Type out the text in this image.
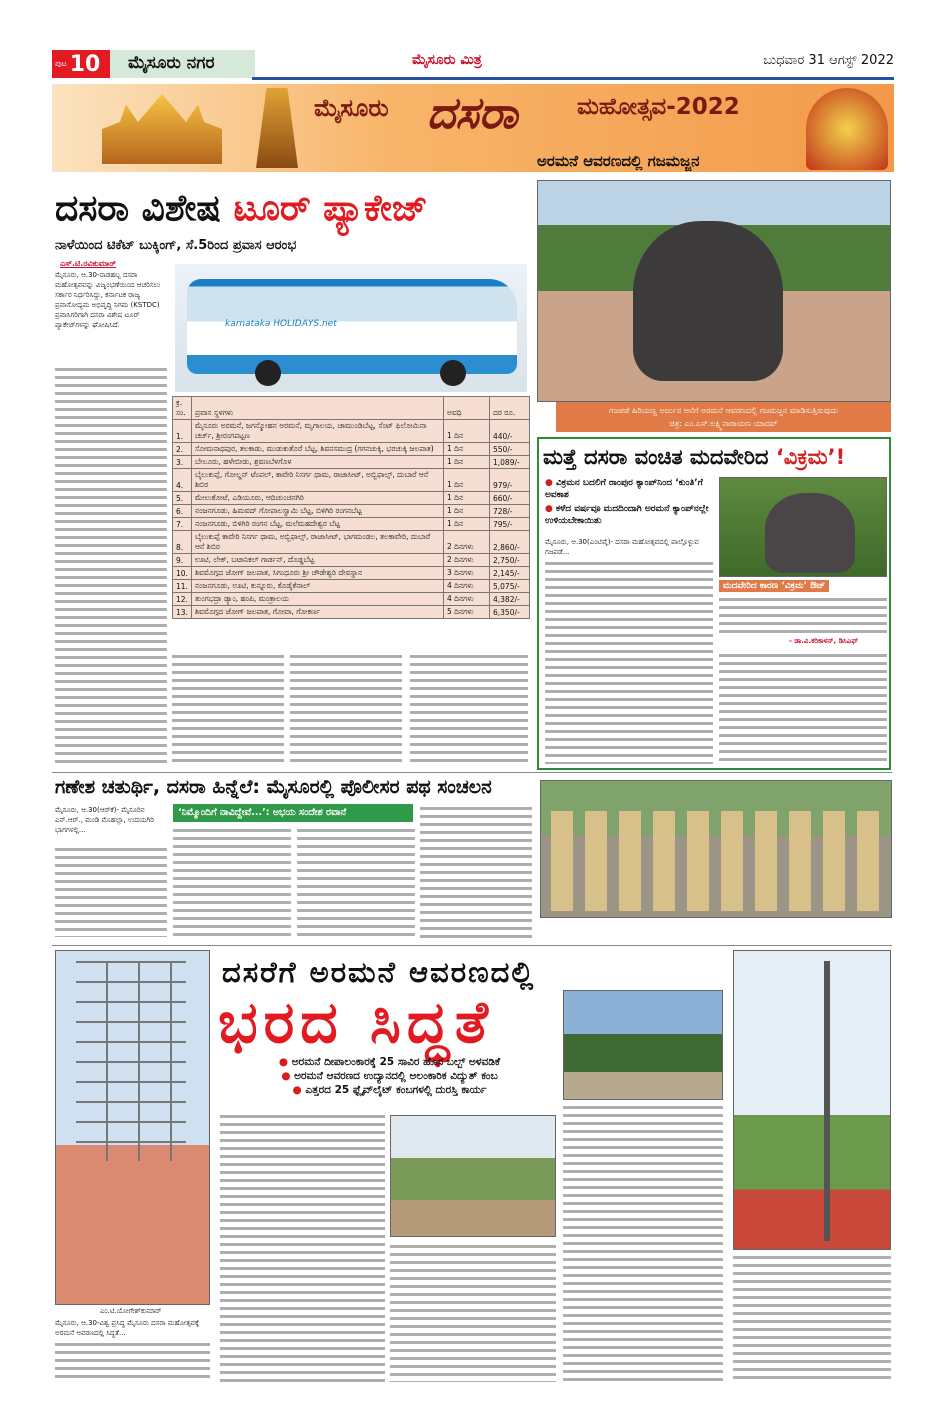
ಪುಟ 10	ಮೈಸೂರು ನಗರ	ಮೈಸೂರು ಮಿತ್ರ	ಬುಧವಾರ 31 ಆಗಸ್ಟ್ 2022
ಮೈಸೂರು ದಸರಾ	ಮಹೋತ್ಸವ-2022
ದಸರಾ ವಿಶೇಷ ಟೂರ್ ಪ್ಯಾಕೇಜ್
ನಾಳೆಯಿಂದ ಟಿಕೆಟ್ ಬುಕ್ಕಿಂಗ್, ಸೆ.5ರಿಂದ ಪ್ರವಾಸ ಆರಂಭ
ಎಸ್.ಟಿ.ರವಿಕುಮಾರ್
ಮೈಸೂರು, ಆ.30-ನಾಡಹಬ್ಬ ದಸರಾ ಮಹೋತ್ಸವವನ್ನು ವಿಜೃಂಭಣೆಯಿಂದ ಆಚರಿಸಲು ಸರ್ಕಾರ ನಿರ್ಧರಿಸಿದ್ದು, ಕರ್ನಾಟಕ ರಾಜ್ಯ ಪ್ರವಾಸೋದ್ಯಮ ಅಭಿವೃದ್ಧಿ ನಿಗಮ (KSTDC) ಪ್ರವಾಸಿಗರಿಗಾಗಿ ದಸರಾ ವಿಶೇಷ ಟೂರ್ ಪ್ಯಾಕೇಜ್‌ಗಳನ್ನು ಘೋಷಿಸಿದೆ.	karnataka HOLIDAYS.net
ಕ್ರ. ಸಂ.	ಪ್ರವಾಸ ಸ್ಥಳಗಳು	ಅವಧಿ	ದರ ರೂ.
1.	ಮೈಸೂರು ಅರಮನೆ, ಜಗನ್ಮೋಹನ ಅರಮನೆ, ಮೃಗಾಲಯ, ಚಾಮುಂಡಿಬೆಟ್ಟ, ಸೆಂಟ್ ಫಿಲೋಮಿನಾ ಚರ್ಚ್, ಶ್ರೀರಂಗಪಟ್ಟಣ	1 ದಿನ	440/-
2.	ಸೋಮನಾಥಪುರ, ತಲಕಾಡು, ಮುಡುಕುತೊರೆ ಬೆಟ್ಟ, ಶಿವನಸಮುದ್ರ (ಗಗನಚುಕ್ಕಿ, ಭರಚುಕ್ಕಿ ಜಲಪಾತ)	1 ದಿನ	550/-
3.	ಬೇಲೂರು, ಹಳೇಬೀಡು, ಶ್ರವಣಬೆಳಗೊಳ	1 ದಿನ	1,089/-
4.	ಬೈಲುಕುಪ್ಪೆ, ಗೋಲ್ಡನ್ ಟೆಂಪಲ್, ಕಾವೇರಿ ನಿಸರ್ಗ ಧಾಮ, ರಾಜಾಸೀಟ್, ಅಬ್ಬಿಫಾಲ್ಸ್, ದುಬಾರೆ ಆನೆ ಶಿಬಿರ	1 ದಿನ	979/-
5.	ಮೇಲುಕೋಟೆ, ಎಡಿಯೂರು, ಆದಿಚುಂಚನಗಿರಿ	1 ದಿನ	660/-
6.	ನಂಜನಗೂಡು, ಹಿಮವದ್ ಗೋಪಾಲಸ್ವಾಮಿ ಬೆಟ್ಟ, ಬಿಳಿಗಿರಿ ರಂಗನಬೆಟ್ಟ	1 ದಿನ	728/-
7.	ನಂಜನಗೂಡು, ಬಿಳಿಗಿರಿ ರಂಗನ ಬೆಟ್ಟ, ಮಲೆಮಹದೇಶ್ವರ ಬೆಟ್ಟ	1 ದಿನ	795/-
8.	ಬೈಲುಕುಪ್ಪೆ ಕಾವೇರಿ ನಿಸರ್ಗ ಧಾಮ, ಅಬ್ಬಿಫಾಲ್ಸ್, ರಾಜಾಸೀಟ್, ಭಾಗಮಂಡಲ, ತಲಕಾವೇರಿ, ದುಬಾರೆ ಆನೆ ಶಿಬಿರ	2 ದಿನಗಳು	2,860/-
9.	ಊಟಿ, ಲೇಕ್, ಬಟಾನಿಕಲ್ ಗಾರ್ಡನ್, ದೊಡ್ಡಬೆಟ್ಟ	2 ದಿನಗಳು	2,750/-
10.	ಶಿವಮೊಗ್ಗದ ಜೋಗ್ ಜಲಪಾತ, ಸಿಗಂಧೂರು ಶ್ರೀ ಚೌಡೇಶ್ವರಿ ದೇವಸ್ಥಾನ	3 ದಿನಗಳು	2,145/-
11.	ನಂಜನಗೂಡು, ಊಟಿ, ಕುನ್ನೂರು, ಕೊಡೈಕೆನಾಲ್	4 ದಿನಗಳು	5,075/-
12.	ತುಂಗಭದ್ರಾ ಡ್ಯಾಂ, ಹಂಪಿ, ಮಂತ್ರಾಲಯ	4 ದಿನಗಳು	4,382/-
13.	ಶಿವಮೊಗ್ಗದ ಜೋಗ್ ಜಲಪಾತ, ಗೋವಾ, ಗೋಕರ್ಣ	5 ದಿನಗಳು	6,350/-
ಅರಮನೆ ಆವರಣದಲ್ಲಿ ಗಜಮಜ್ಜನ
ಗಜಪಡೆ ಹಿರಿಯಣ್ಣ ಅರ್ಜುನ ಆನೆಗೆ ಅರಮನೆ ಆವರಣದಲ್ಲಿ ಗಜಮಜ್ಜನ ಮಾಡಿಸುತ್ತಿರುವುದು
ಚಿತ್ರ: ಎಂ.ಎಸ್.ಲಕ್ಷ್ಮಿನಾರಾಯಣ ಯಾದವ್
ಮತ್ತೆ ದಸರಾ ವಂಚಿತ ಮದವೇರಿದ ‘ವಿಕ್ರಮ’!
● ವಿಕ್ರಮನ ಬದಲಿಗೆ ರಾಂಪುರ ಕ್ಯಾಂಪ್‌ನಿಂದ ‘ಕುಂತಿ’ಗೆ ಅವಕಾಶ
● ಕಳೆದ ವರ್ಷವೂ ಮದದಿಂದಾಗಿ ಅರಮನೆ ಕ್ಯಾಂಪ್‌ನಲ್ಲೇ ಉಳಿಯಬೇಕಾಯಿತು
ಮೈಸೂರು, ಆ.30(ಎಂಟಿವೈ)- ದಸರಾ ಮಹೋತ್ಸವದಲ್ಲಿ ಪಾಲ್ಗೊಳ್ಳುವ ಗಜಪಡೆ...
ಮದವೇರಿದ ಕಾರಣ ‘ವಿಕ್ರಮ’ ಔಟ್
- ಡಾ.ವಿ.ಕರಿಕಾಳನ್, ಡಿಸಿಎಫ್
ಗಣೇಶ ಚತುರ್ಥಿ, ದಸರಾ ಹಿನ್ನೆಲೆ: ಮೈಸೂರಲ್ಲಿ ಪೊಲೀಸರ ಪಥ ಸಂಚಲನ
ಮೈಸೂರು, ಆ.30(ಆರ್‌ಕೆ)- ಮೈಸೂರಿನ ಎನ್.ಆರ್., ಮಂಡಿ ಮೊಹಲ್ಲಾ, ಉದಯಗಿರಿ ಭಾಗಗಳಲ್ಲಿ...
‘ನಿಮ್ಮೊಂದಿಗೆ ನಾವಿದ್ದೇವೆ...’: ಅಭಯ ಸಂದೇಶ ರವಾನೆ
ಎಂ.ಟಿ.ಯೋಗೇಶ್‌ಕುಮಾರ್
ಮೈಸೂರು, ಆ.30-ವಿಶ್ವ ಪ್ರಸಿದ್ಧ ಮೈಸೂರು ದಸರಾ ಮಹೋತ್ಸವಕ್ಕೆ ಅರಮನೆ ಆವರಣದಲ್ಲಿ ಸಿದ್ಧತೆ...
ದಸರೆಗೆ ಅರಮನೆ ಆವರಣದಲ್ಲಿ
ಭರದ ಸಿದ್ಧತೆ
● ಅರಮನೆ ದೀಪಾಲಂಕಾರಕ್ಕೆ 25 ಸಾವಿರ ಹೊಸ ಬಲ್ಬ್ ಅಳವಡಿಕೆ
● ಅರಮನೆ ಆವರಣದ ಉದ್ಯಾನದಲ್ಲಿ ಅಲಂಕಾರಿಕ ವಿದ್ಯುತ್ ಕಂಬ
● ಎತ್ತರದ 25 ಫ್ಲೈವ್‌ಲೈಟ್ ಕಂಬಗಳಲ್ಲಿ ದುರಸ್ತಿ ಕಾರ್ಯ
